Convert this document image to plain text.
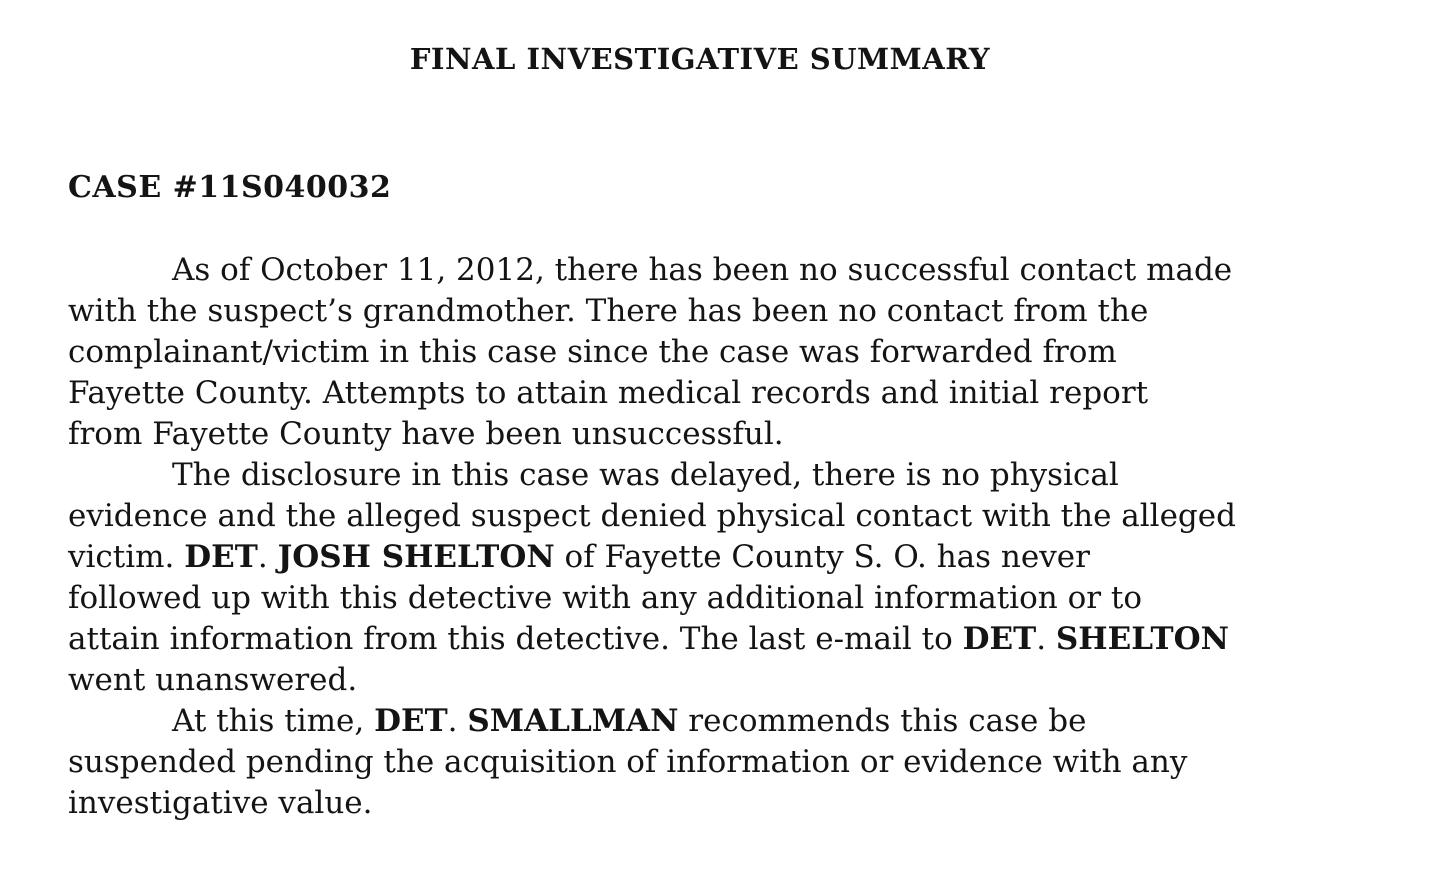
FINAL INVESTIGATIVE SUMMARY
CASE #11S040032
As of October 11, 2012, there has been no successful contact made
with the suspect’s grandmother. There has been no contact from the
complainant/victim in this case since the case was forwarded from
Fayette County. Attempts to attain medical records and initial report
from Fayette County have been unsuccessful.
The disclosure in this case was delayed, there is no physical
evidence and the alleged suspect denied physical contact with the alleged
victim. DET. JOSH SHELTON of Fayette County S. O. has never
followed up with this detective with any additional information or to
attain information from this detective. The last e-mail to DET. SHELTON
went unanswered.
At this time, DET. SMALLMAN recommends this case be
suspended pending the acquisition of information or evidence with any
investigative value.
